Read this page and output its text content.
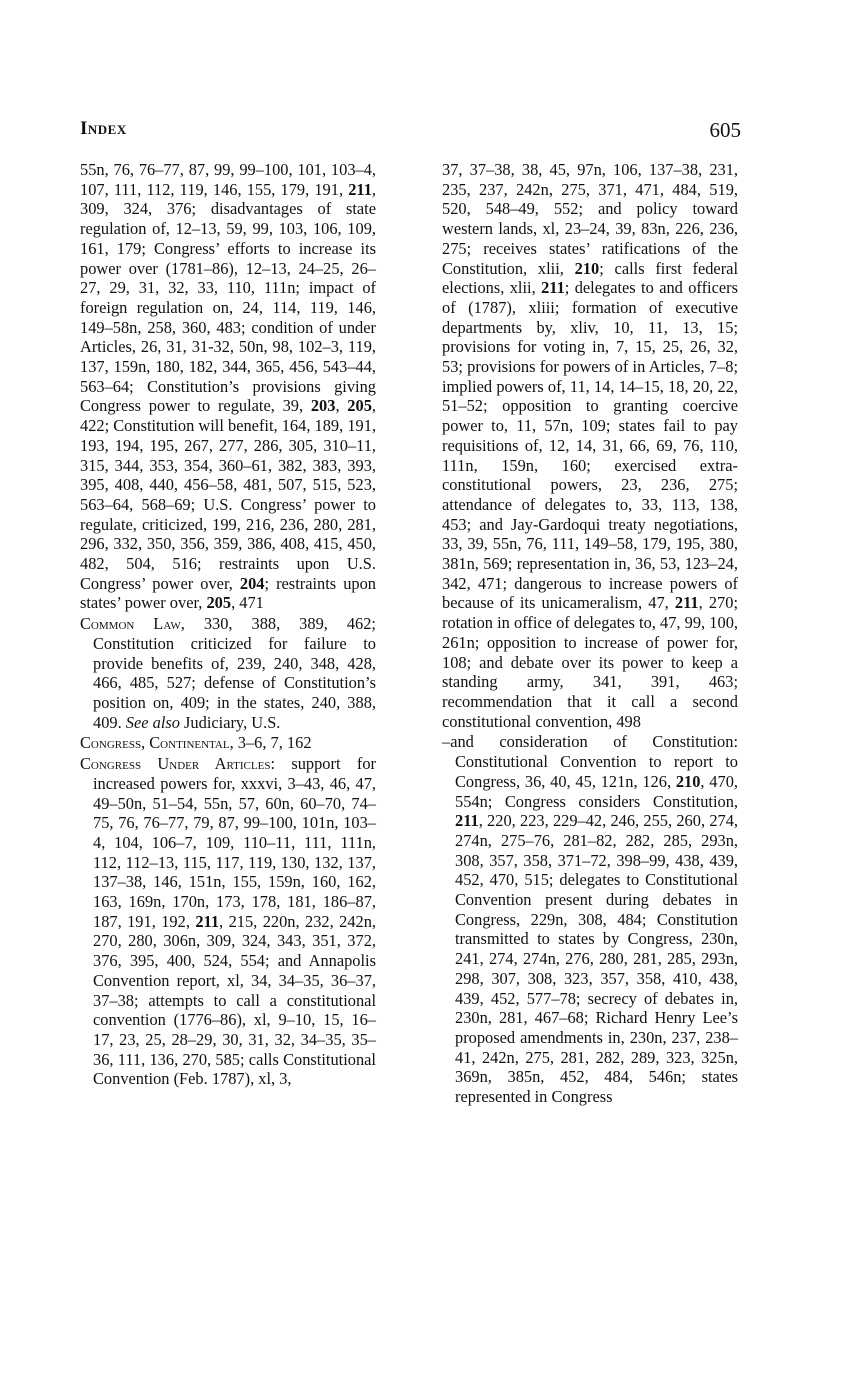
Index	605

55n, 76, 76–77, 87, 99, 99–100, 101, 103–4, 107, 111, 112, 119, 146, 155, 179, 191, 211, 309, 324, 376; disadvantages of state regulation of, 12–13, 59, 99, 103, 106, 109, 161, 179; Congress’ efforts to increase its power over (1781–86), 12–13, 24–25, 26–27, 29, 31, 32, 33, 110, 111n; impact of foreign regulation on, 24, 114, 119, 146, 149–58n, 258, 360, 483; condition of under Articles, 26, 31, 31-32, 50n, 98, 102–3, 119, 137, 159n, 180, 182, 344, 365, 456, 543–44, 563–64; Constitution’s provisions giving Congress power to regulate, 39, 203, 205, 422; Constitution will benefit, 164, 189, 191, 193, 194, 195, 267, 277, 286, 305, 310–11, 315, 344, 353, 354, 360–61, 382, 383, 393, 395, 408, 440, 456–58, 481, 507, 515, 523, 563–64, 568–69; U.S. Congress’ power to regulate, criticized, 199, 216, 236, 280, 281, 296, 332, 350, 356, 359, 386, 408, 415, 450, 482, 504, 516; restraints upon U.S. Congress’ power over, 204; restraints upon states’ power over, 205, 471

Common Law, 330, 388, 389, 462; Constitution criticized for failure to provide benefits of, 239, 240, 348, 428, 466, 485, 527; defense of Constitution’s position on, 409; in the states, 240, 388, 409. See also Judiciary, U.S.

Congress, Continental, 3–6, 7, 162

Congress Under Articles: support for increased powers for, xxxvi, 3–43, 46, 47, 49–50n, 51–54, 55n, 57, 60n, 60–70, 74–75, 76, 76–77, 79, 87, 99–100, 101n, 103–4, 104, 106–7, 109, 110–11, 111, 111n, 112, 112–13, 115, 117, 119, 130, 132, 137, 137–38, 146, 151n, 155, 159n, 160, 162, 163, 169n, 170n, 173, 178, 181, 186–87, 187, 191, 192, 211, 215, 220n, 232, 242n, 270, 280, 306n, 309, 324, 343, 351, 372, 376, 395, 400, 524, 554; and Annapolis Convention report, xl, 34, 34–35, 36–37, 37–38; attempts to call a constitutional convention (1776–86), xl, 9–10, 15, 16–17, 23, 25, 28–29, 30, 31, 32, 34–35, 35–36, 111, 136, 270, 585; calls Constitutional Convention (Feb. 1787), xl, 3,

37, 37–38, 38, 45, 97n, 106, 137–38, 231, 235, 237, 242n, 275, 371, 471, 484, 519, 520, 548–49, 552; and policy toward western lands, xl, 23–24, 39, 83n, 226, 236, 275; receives states’ ratifications of the Constitution, xlii, 210; calls first federal elections, xlii, 211; delegates to and officers of (1787), xliii; formation of executive departments by, xliv, 10, 11, 13, 15; provisions for voting in, 7, 15, 25, 26, 32, 53; provisions for powers of in Articles, 7–8; implied powers of, 11, 14, 14–15, 18, 20, 22, 51–52; opposition to granting coercive power to, 11, 57n, 109; states fail to pay requisitions of, 12, 14, 31, 66, 69, 76, 110, 111n, 159n, 160; exercised extra-constitutional powers, 23, 236, 275; attendance of delegates to, 33, 113, 138, 453; and Jay-Gardoqui treaty negotiations, 33, 39, 55n, 76, 111, 149–58, 179, 195, 380, 381n, 569; representation in, 36, 53, 123–24, 342, 471; dangerous to increase powers of because of its unicameralism, 47, 211, 270; rotation in office of delegates to, 47, 99, 100, 261n; opposition to increase of power for, 108; and debate over its power to keep a standing army, 341, 391, 463; recommendation that it call a second constitutional convention, 498

–and consideration of Constitution: Constitutional Convention to report to Congress, 36, 40, 45, 121n, 126, 210, 470, 554n; Congress considers Constitution, 211, 220, 223, 229–42, 246, 255, 260, 274, 274n, 275–76, 281–82, 282, 285, 293n, 308, 357, 358, 371–72, 398–99, 438, 439, 452, 470, 515; delegates to Constitutional Convention present during debates in Congress, 229n, 308, 484; Constitution transmitted to states by Congress, 230n, 241, 274, 274n, 276, 280, 281, 285, 293n, 298, 307, 308, 323, 357, 358, 410, 438, 439, 452, 577–78; secrecy of debates in, 230n, 281, 467–68; Richard Henry Lee’s proposed amendments in, 230n, 237, 238–41, 242n, 275, 281, 282, 289, 323, 325n, 369n, 385n, 452, 484, 546n; states represented in Congress
